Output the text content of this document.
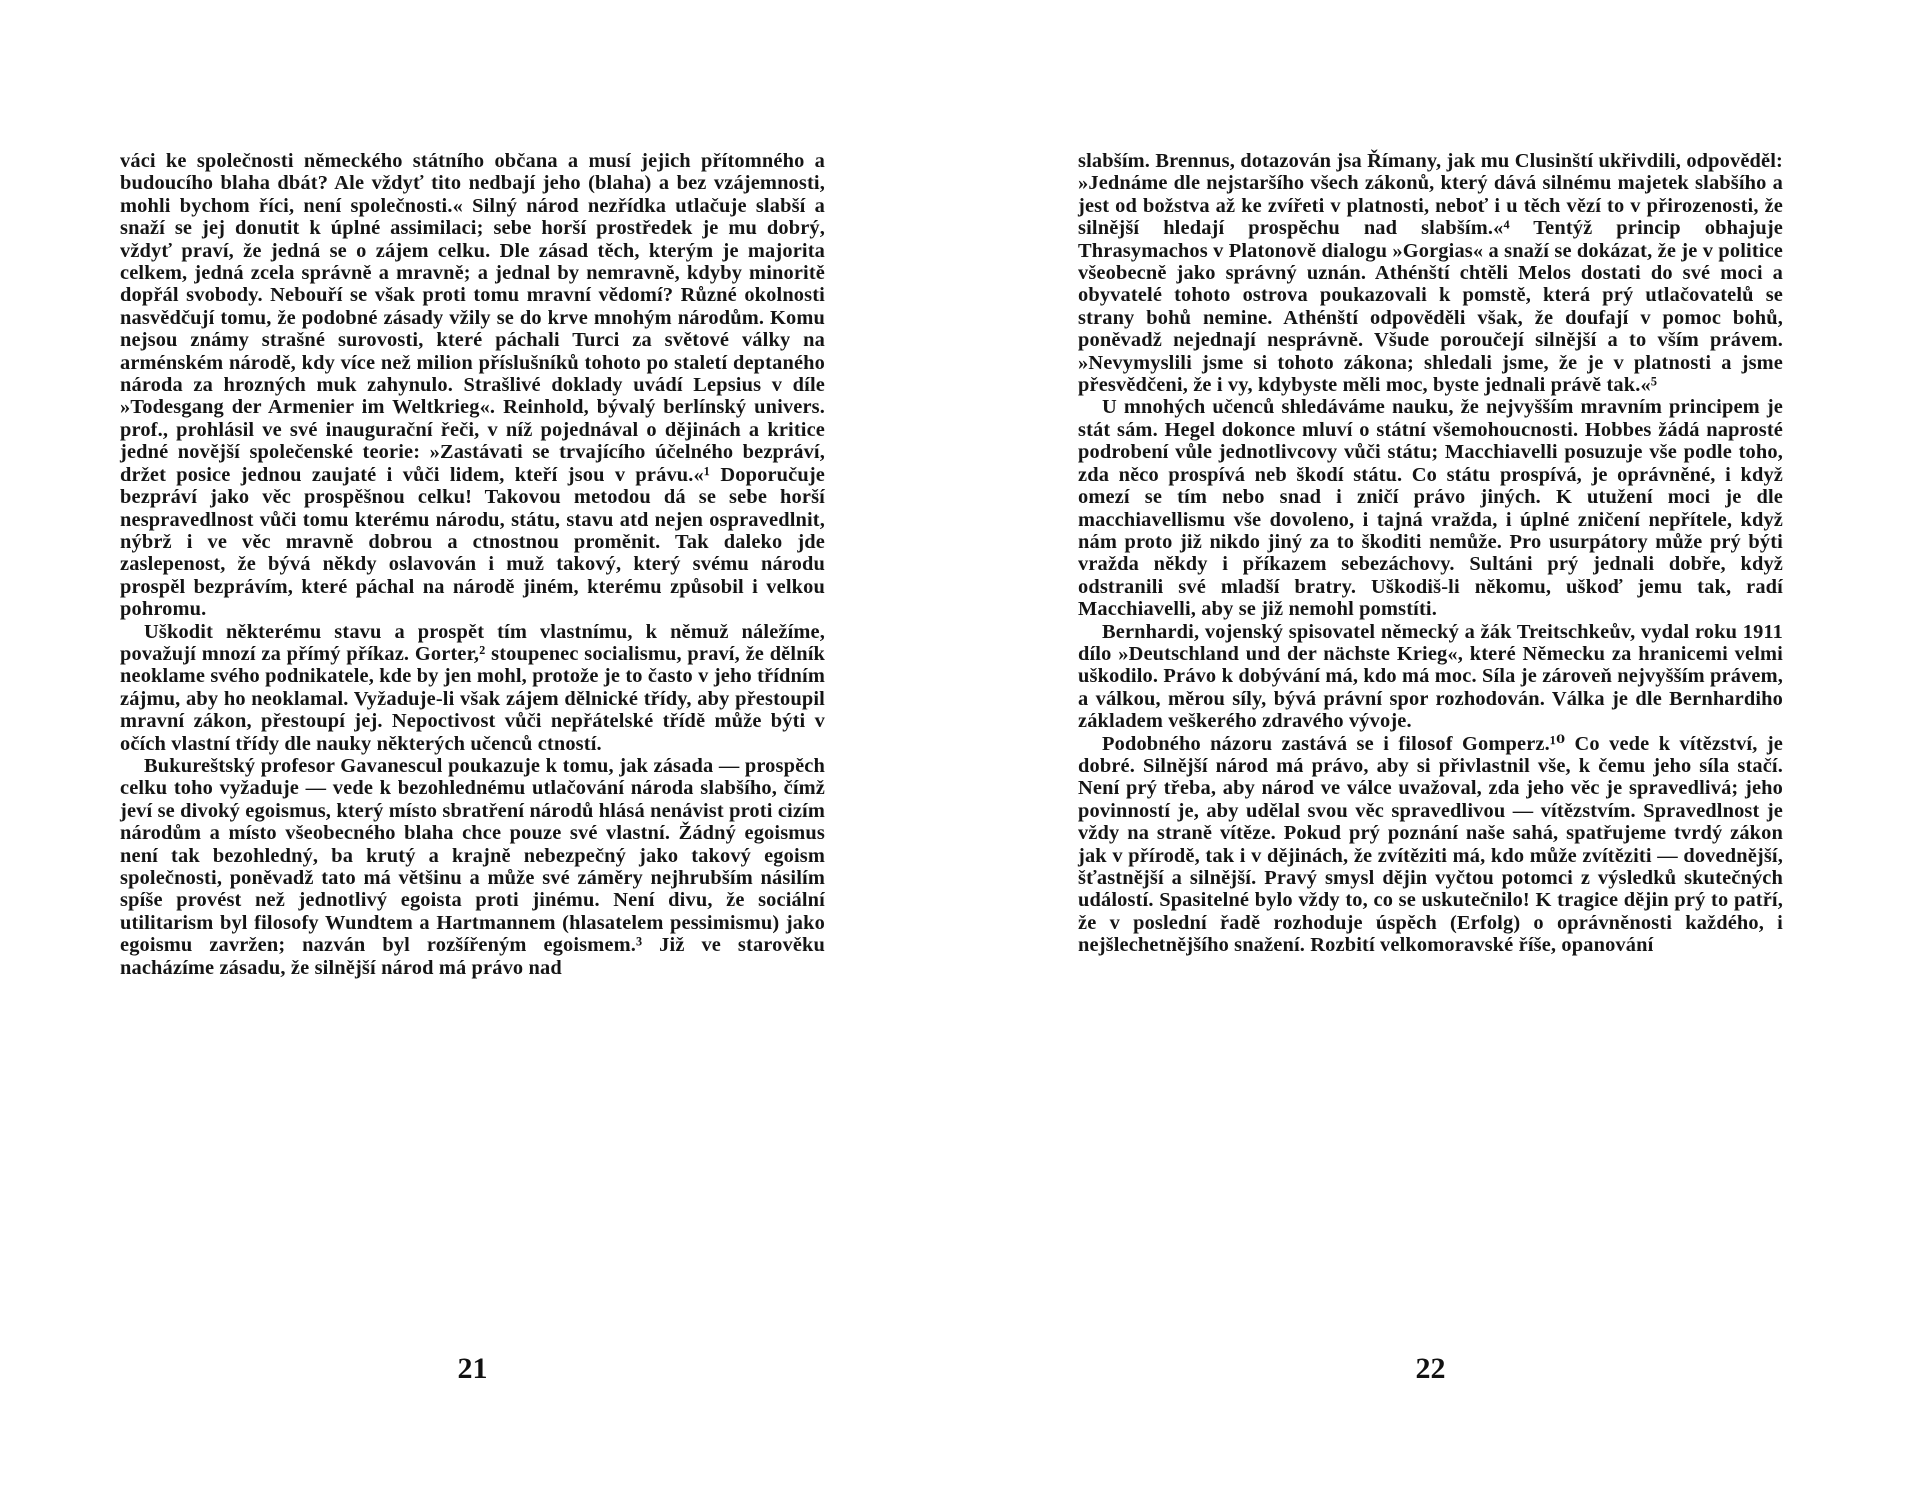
váci ke společnosti německého státního občana a musí jejich přítomného a budoucího blaha dbát? Ale vždyť tito nedbají jeho (blaha) a bez vzájemnosti, mohli bychom říci, není společnosti.« Silný národ nezřídka utlačuje slabší a snaží se jej donutit k úplné assimilaci; sebe horší prostředek je mu dobrý, vždyť praví, že jedná se o zájem celku. Dle zásad těch, kterým je majorita celkem, jedná zcela správně a mravně; a jednal by nemravně, kdyby minoritě dopřál svobody. Nebouří se však proti tomu mravní vědomí? Různé okolnosti nasvědčují tomu, že podobné zásady vžily se do krve mnohým národům. Komu nejsou známy strašné surovosti, které páchali Turci za světové války na arménském národě, kdy více než milion příslušníků tohoto po staletí deptaného národa za hrozných muk zahynulo. Strašlivé doklady uvádí Lepsius v díle »Todesgang der Armenier im Weltkrieg«. Reinhold, bývalý berlínský univers. prof., prohlásil ve své inaugurační řeči, v níž pojednával o dějinách a kritice jedné novější společenské teorie: »Zastávati se trvajícího účelného bezpráví, držet posice jednou zaujaté i vůči lidem, kteří jsou v právu.«¹ Doporučuje bezpráví jako věc prospěšnou celku! Takovou metodou dá se sebe horší nespravedlnost vůči tomu kterému národu, státu, stavu atd nejen ospravedlnit, nýbrž i ve věc mravně dobrou a ctnostnou proměnit. Tak daleko jde zaslepenost, že bývá někdy oslavován i muž takový, který svému národu prospěl bezprávím, které páchal na národě jiném, kterému způsobil i velkou pohromu.

Uškodit některému stavu a prospět tím vlastnímu, k němuž náležíme, považují mnozí za přímý příkaz. Gorter,² stoupenec socialismu, praví, že dělník neoklame svého podnikatele, kde by jen mohl, protože je to často v jeho třídním zájmu, aby ho neoklamal. Vyžaduje-li však zájem dělnické třídy, aby přestoupil mravní zákon, přestoupí jej. Nepoctivost vůči nepřátelské třídě může býti v očích vlastní třídy dle nauky některých učenců ctností.

Bukureštský profesor Gavanescul poukazuje k tomu, jak zásada — prospěch celku toho vyžaduje — vede k bezohlednému utlačování národa slabšího, čímž jeví se divoký egoismus, který místo sbratření národů hlásá nenávist proti cizím národům a místo všeobecného blaha chce pouze své vlastní. Žádný egoismus není tak bezohledný, ba krutý a krajně nebezpečný jako takový egoism společnosti, poněvadž tato má většinu a může své záměry nejhrubším násilím spíše provést než jednotlivý egoista proti jinému. Není divu, že sociální utilitarism byl filosofy Wundtem a Hartmannem (hlasatelem pessimismu) jako egoismu zavržen; nazván byl rozšířeným egoismem.³ Již ve starověku nacházíme zásadu, že silnější národ má právo nad

slabším. Brennus, dotazován jsa Římany, jak mu Clusinští ukřivdili, odpověděl: »Jednáme dle nejstaršího všech zákonů, který dává silnému majetek slabšího a jest od božstva až ke zvířeti v platnosti, neboť i u těch vězí to v přirozenosti, že silnější hledají prospěchu nad slabším.«⁴ Tentýž princip obhajuje Thrasymachos v Platonově dialogu »Gorgias« a snaží se dokázat, že je v politice všeobecně jako správný uznán. Athénští chtěli Melos dostati do své moci a obyvatelé tohoto ostrova poukazovali k pomstě, která prý utlačovatelů se strany bohů nemine. Athénští odpověděli však, že doufají v pomoc bohů, poněvadž nejednají nesprávně. Všude poroučejí silnější a to vším právem. »Nevymyslili jsme si tohoto zákona; shledali jsme, že je v platnosti a jsme přesvědčeni, že i vy, kdybyste měli moc, byste jednali právě tak.«⁵

U mnohých učenců shledáváme nauku, že nejvyšším mravním principem je stát sám. Hegel dokonce mluví o státní všemohoucnosti. Hobbes žádá naprosté podrobení vůle jednotlivcovy vůči státu; Macchiavelli posuzuje vše podle toho, zda něco prospívá neb škodí státu. Co státu prospívá, je oprávněné, i když omezí se tím nebo snad i zničí právo jiných. K utužení moci je dle macchiavellismu vše dovoleno, i tajná vražda, i úplné zničení nepřítele, když nám proto již nikdo jiný za to škoditi nemůže. Pro usurpátory může prý býti vražda někdy i příkazem sebezáchovy. Sultáni prý jednali dobře, když odstranili své mladší bratry. Uškodiš-li někomu, uškoď jemu tak, radí Macchiavelli, aby se již nemohl pomstíti.

Bernhardi, vojenský spisovatel německý a žák Treitschkeův, vydal roku 1911 dílo »Deutschland und der nächste Krieg«, které Německu za hranicemi velmi uškodilo. Právo k dobývání má, kdo má moc. Síla je zároveň nejvyšším právem, a válkou, měrou síly, bývá právní spor rozhodován. Válka je dle Bernhardiho základem veškerého zdravého vývoje.

Podobného názoru zastává se i filosof Gomperz.¹⁰ Co vede k vítězství, je dobré. Silnější národ má právo, aby si přivlastnil vše, k čemu jeho síla stačí. Není prý třeba, aby národ ve válce uvažoval, zda jeho věc je spravedlivá; jeho povinností je, aby udělal svou věc spravedlivou — vítězstvím. Spravedlnost je vždy na straně vítěze. Pokud prý poznání naše sahá, spatřujeme tvrdý zákon jak v přírodě, tak i v dějinách, že zvítěziti má, kdo může zvítěziti — dovednější, šťastnější a silnější. Pravý smysl dějin vyčtou potomci z výsledků skutečných událostí. Spasitelné bylo vždy to, co se uskutečnilo! K tragice dějin prý to patří, že v poslední řadě rozhoduje úspěch (Erfolg) o oprávněnosti každého, i nejšlechetnějšího snažení. Rozbití velkomoravské říše, opanování

21	22
